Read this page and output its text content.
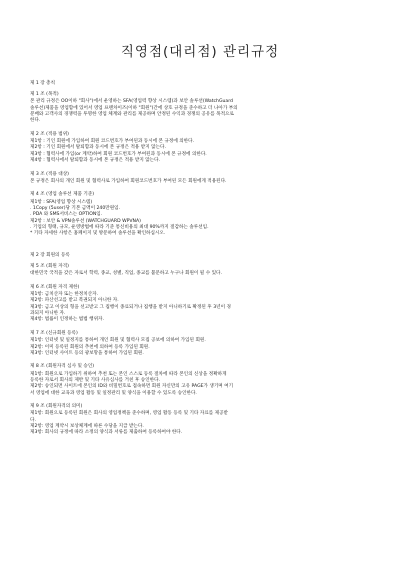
직영점(대리점) 관리규정
제 1 장 총칙
제 1 조 (목적)
본 관리 규정은 OO이하 "회사")에서 운영하는 SFA(영업력 향상 시스템)과 보안 솔루션(WatchGuard
솔루션)제품을 영업함에 있어서 영업 프랜차이즈(이하 "회원")간에 상호 규정을 준수하고 더 나아가 부의
분배와 고객사의 경쟁력을 투명한 영업 체계와 관리를 제공하며 안정된 수익과 경쟁의 공유를 목적으로
한다.
제 2 조 (적용 범위)
제1항 : 기인 회원에 가입하여 회원 코드번호가 부여된과 동시에 본 규정에 의한다.
제2항 : 기인 회원에서 탈퇴함과 동시에 본 규정은 적용 받지 않는다.
제3항 : 협력사에 가입(or 계약)하여 회원 코드번호가 부여된과 동시에 본 규정에 의한다.
제4항 : 협력사에서 탈퇴함과 동시에 본 규정은 적용 받지 않는다.
제 3 조 (적용 대상)
본 규정은 회사의 개인 회원 및 협력사로 가입하여 회원코드번호가 부여된 모든 회원에게 적용된다.
제 4 조 (영업 솔루션 제품 기준)
제1항 : SFA(영업 향상 시스템)
. 1Copy (5user)당 기본 금액이 240만원임.
. PDA 와 SMS서비스는 OPTION임.
제2항 : 보안 & VPN솔루션 (WATCHGUARD WPVNA)
. 기업의 형태, 규모, 운영방법에 따라 기준 통신비용의 최대 90%까지 절감하는 솔루션임.
* 기타 자세한 사항은 홈페이지 및 방문하여 솔루션을 확인하십시오.
제 2 장 회원의 등록
제 5 조 (회원 자격)
대한민국 국적을 갖은 자로서 학력, 종교, 성별, 직업, 종교를 불문하고 누구나 회원이 될 수 있다.
제 6 조 (회원 자격 제한)
제1항: 금치산자 또는 한정치산자.
제2항: 파산선고를 받고 복권되지 아니한 자.
제3항: 금고 이상의 형을 선고받고 그 집행이 종료되거나 집행을 받지 아니하기로 확정된 후 3년이 경
과되지 아니한 자.
제4항: 법률이 인정하는 법법 행위자.
제 7 조 (신규회원 등록)
제1항: 인터넷 및 일정지를 통하여 개인 회원 및 협력사 모집 공보에 의하여 가입된 회원.
제2항: 이미 등록된 회원의 추천에 의하여 등록 가입된 회원.
제3항: 인터넷 사이트 등의 광보망을 통하여 가입된 회원.
제 8 조 (회원자격 심사 및 승인)
제1항: 회원으로 가입하기 위하여 추천 또는 본인 스스로 등록 절차에 따라 본인의 신상을 정확하게
등록한 자로서 회사의 제반 및 기타 사유심사를 거친 후 승인한다.
제2항: 승인되면 사이트에 본인의 ID와 비밀번호로 접속하면 회원 자신만의 고유 PAGE가 생기며 여기
서 영업에 대한 교육과 영업 활동 및 일정관리 및 양식을 이용할 수 있도록 승인한다.
제 9 조 (회원자격의 의미)
제1항: 회원으로 등록된 회원은 회사의 영업정책을 준수하며, 영업 활동 등록 및 기타 자료를 제공받
다.
제2항: 영업 계약시 보상체계에 따른 수당을 지급 받는다.
제3항: 회사의 규정에 따라 소정의 양식과 서류를 제출하여 등록하여야 한다.
